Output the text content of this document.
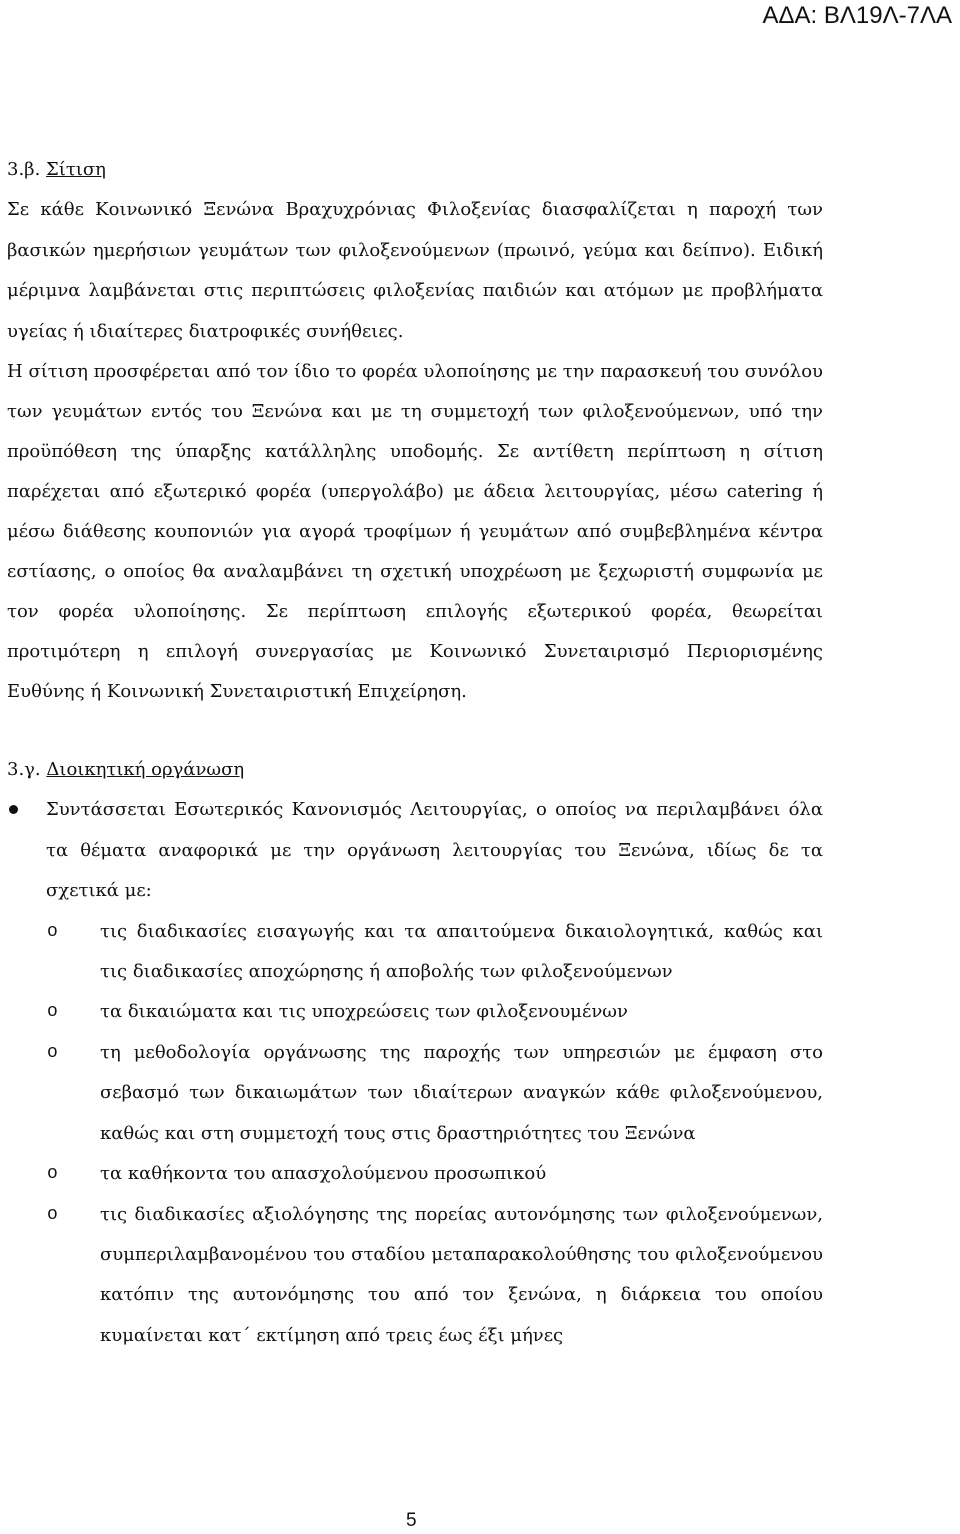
ΑΔΑ: ΒΛ19Λ-7ΛΑ
3.β. Σίτιση
Σε κάθε Κοινωνικό Ξενώνα Βραχυχρόνιας Φιλοξενίας διασφαλίζεται η παροχή των βασικών ημερήσιων γευμάτων των φιλοξενούμενων (πρωινό, γεύμα και δείπνο). Ειδική μέριμνα λαμβάνεται στις περιπτώσεις φιλοξενίας παιδιών και ατόμων με προβλήματα υγείας ή ιδιαίτερες διατροφικές συνήθειες.
Η σίτιση προσφέρεται από τον ίδιο το φορέα υλοποίησης με την παρασκευή του συνόλου των γευμάτων εντός του Ξενώνα και με τη συμμετοχή των φιλοξενούμενων, υπό την προϋπόθεση της ύπαρξης κατάλληλης υποδομής. Σε αντίθετη περίπτωση η σίτιση παρέχεται από εξωτερικό φορέα (υπεργολάβο) με άδεια λειτουργίας, μέσω catering ή μέσω διάθεσης κουπονιών για αγορά τροφίμων ή γευμάτων από συμβεβλημένα κέντρα εστίασης, ο οποίος θα αναλαμβάνει τη σχετική υποχρέωση με ξεχωριστή συμφωνία με τον φορέα υλοποίησης. Σε περίπτωση επιλογής εξωτερικού φορέα, θεωρείται προτιμότερη η επιλογή συνεργασίας με Κοινωνικό Συνεταιρισμό Περιορισμένης Ευθύνης ή Κοινωνική Συνεταιριστική Επιχείρηση.
3.γ. Διοικητική οργάνωση
Συντάσσεται Εσωτερικός Κανονισμός Λειτουργίας, ο οποίος να περιλαμβάνει όλα τα θέματα αναφορικά με την οργάνωση λειτουργίας του Ξενώνα, ιδίως δε τα σχετικά με:
o τις διαδικασίες εισαγωγής και τα απαιτούμενα δικαιολογητικά, καθώς και τις διαδικασίες αποχώρησης ή αποβολής των φιλοξενούμενων
o τα δικαιώματα και τις υποχρεώσεις των φιλοξενουμένων
o τη μεθοδολογία οργάνωσης της παροχής των υπηρεσιών με έμφαση στο σεβασμό των δικαιωμάτων των ιδιαίτερων αναγκών κάθε φιλοξενούμενου, καθώς και στη συμμετοχή τους στις δραστηριότητες του Ξενώνα
o τα καθήκοντα του απασχολούμενου προσωπικού
o τις διαδικασίες αξιολόγησης της πορείας αυτονόμησης των φιλοξενούμενων, συμπεριλαμβανομένου του σταδίου μεταπαρακολούθησης του φιλοξενούμενου κατόπιν της αυτονόμησης του από τον ξενώνα, η διάρκεια του οποίου κυμαίνεται κατ΄ εκτίμηση από τρεις έως έξι μήνες
5
